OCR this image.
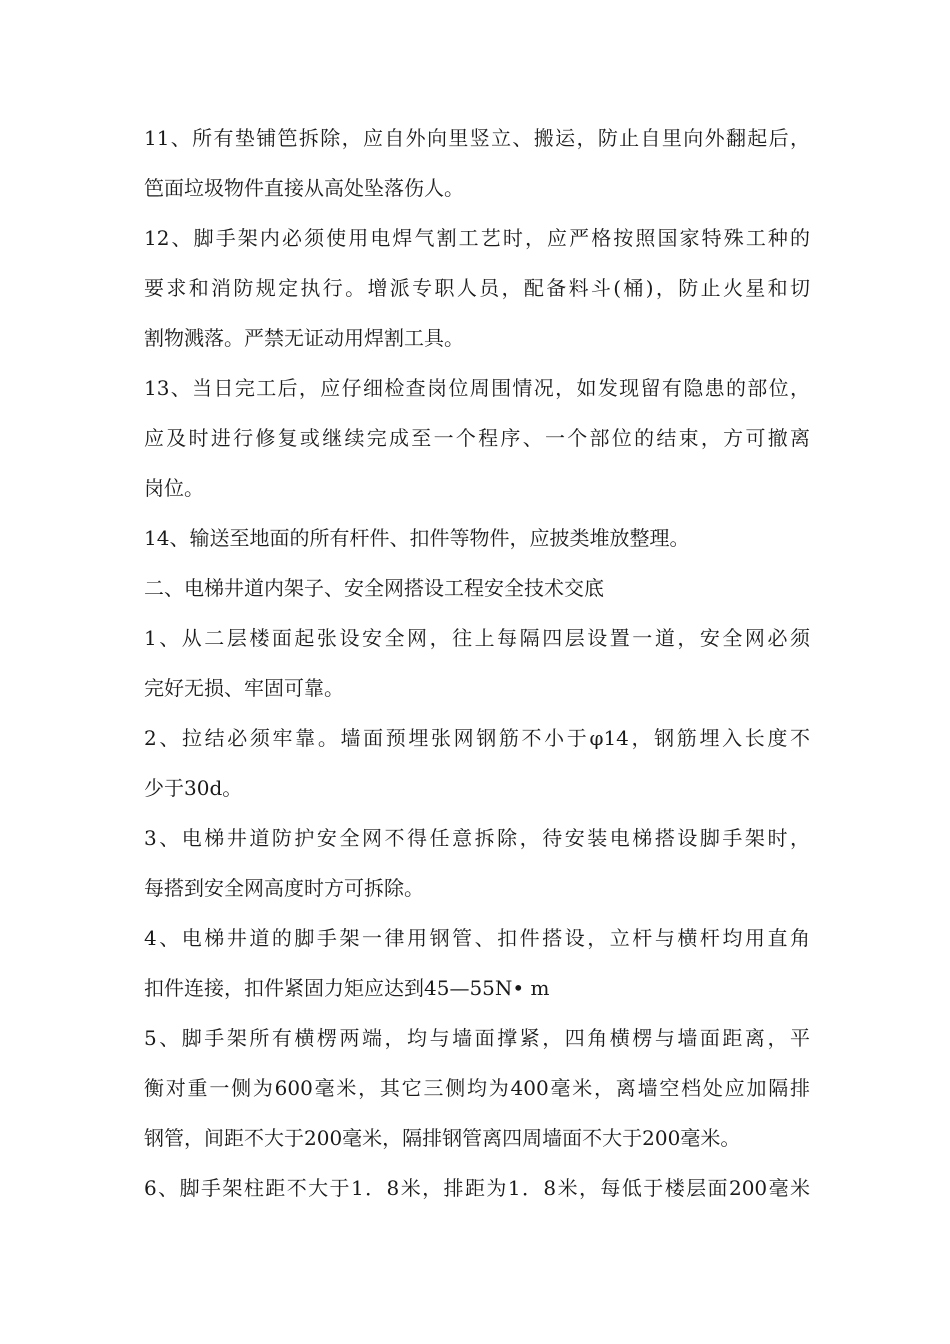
11、所有垫铺笆拆除，应自外向里竖立、搬运，防止自里向外翻起后，
笆面垃圾物件直接从高处坠落伤人。
12、脚手架内必须使用电焊气割工艺时，应严格按照国家特殊工种的
要求和消防规定执行。增派专职人员，配备料斗(桶)，防止火星和切
割物溅落。严禁无证动用焊割工具。
13、当日完工后，应仔细检查岗位周围情况，如发现留有隐患的部位，
应及时进行修复或继续完成至一个程序、一个部位的结束，方可撤离
岗位。
14、输送至地面的所有杆件、扣件等物件，应披类堆放整理。
二、电梯井道内架子、安全网搭设工程安全技术交底
1、从二层楼面起张设安全网，往上每隔四层设置一道，安全网必须
完好无损、牢固可靠。
2、拉结必须牢靠。墙面预埋张网钢筋不小于φ14，钢筋埋入长度不
少于30d。
3、电梯井道防护安全网不得任意拆除，待安装电梯搭设脚手架时，
每搭到安全网高度时方可拆除。
4、电梯井道的脚手架一律用钢管、扣件搭设，立杆与横杆均用直角
扣件连接，扣件紧固力矩应达到45—55N• m
5、脚手架所有横楞两端，均与墙面撑紧，四角横楞与墙面距离，平
衡对重一侧为600毫米，其它三侧均为400毫米，离墙空档处应加隔排
钢管，间距不大于200毫米，隔排钢管离四周墙面不大于200毫米。
6、脚手架柱距不大于1．8米，排距为1．8米，每低于楼层面200毫米
